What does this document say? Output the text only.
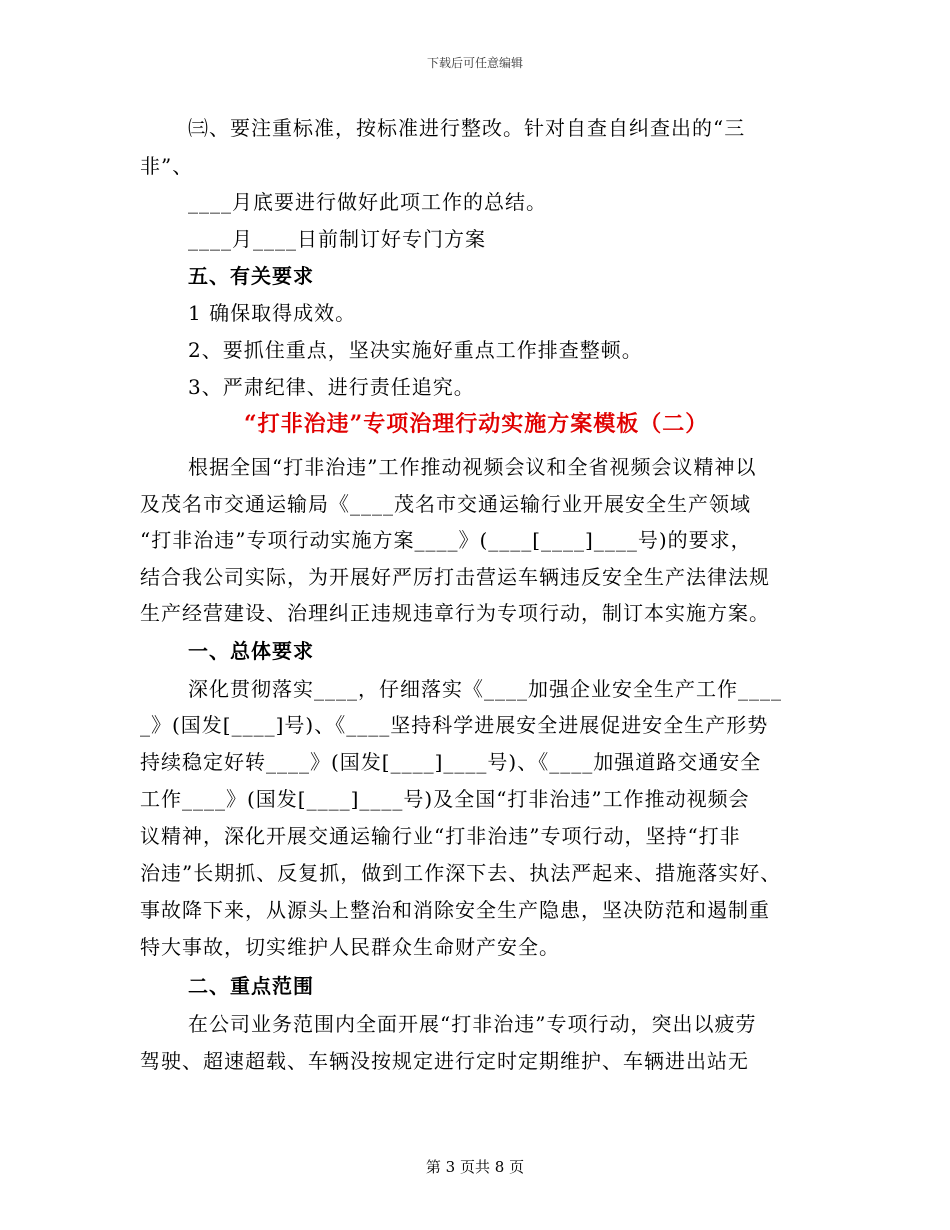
下载后可任意编辑
㈢、要注重标准，按标准进行整改。针对自查自纠查出的“三
非”、
____月底要进行做好此项工作的总结。
____月____日前制订好专门方案
五、有关要求
1 确保取得成效。
2、要抓住重点，坚决实施好重点工作排查整顿。
3、严肃纪律、进行责任追究。
“打非治违”专项治理行动实施方案模板（二）
根据全国“打非治违”工作推动视频会议和全省视频会议精神以
及茂名市交通运输局《____茂名市交通运输行业开展安全生产领域
“打非治违”专项行动实施方案____》(____[____]____号)的要求，
结合我公司实际，为开展好严厉打击营运车辆违反安全生产法律法规
生产经营建设、治理纠正违规违章行为专项行动，制订本实施方案。
一、总体要求
深化贯彻落实____，仔细落实《____加强企业安全生产工作____
_》(国发[____]号)、《____坚持科学进展安全进展促进安全生产形势
持续稳定好转____》(国发[____]____号)、《____加强道路交通安全
工作____》(国发[____]____号)及全国“打非治违”工作推动视频会
议精神，深化开展交通运输行业“打非治违”专项行动，坚持“打非
治违”长期抓、反复抓，做到工作深下去、执法严起来、措施落实好、
事故降下来，从源头上整治和消除安全生产隐患，坚决防范和遏制重
特大事故，切实维护人民群众生命财产安全。
二、重点范围
在公司业务范围内全面开展“打非治违”专项行动，突出以疲劳
驾驶、超速超载、车辆没按规定进行定时定期维护、车辆进出站无
第 3 页共 8 页
